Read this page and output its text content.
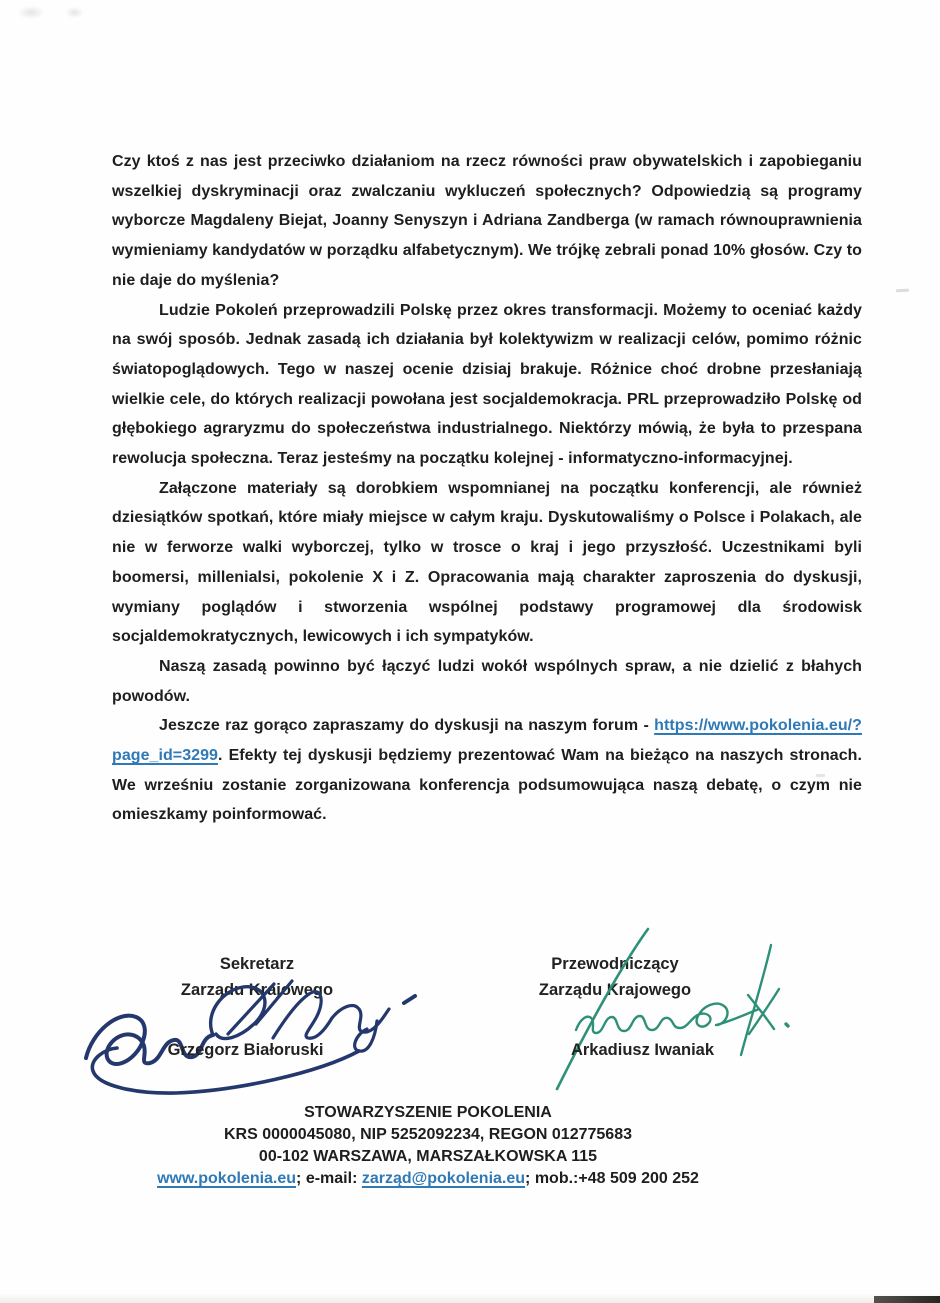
Czy ktoś z nas jest przeciwko działaniom na rzecz równości praw obywatelskich i zapobieganiu wszelkiej dyskryminacji oraz zwalczaniu wykluczeń społecznych? Odpowiedzią są programy wyborcze Magdaleny Biejat, Joanny Senyszyn i Adriana Zandberga (w ramach równouprawnienia wymieniamy kandydatów w porządku alfabetycznym). We trójkę zebrali ponad 10% głosów. Czy to nie daje do myślenia?

Ludzie Pokoleń przeprowadzili Polskę przez okres transformacji. Możemy to oceniać każdy na swój sposób. Jednak zasadą ich działania był kolektywizm w realizacji celów, pomimo różnic światopoglądowych. Tego w naszej ocenie dzisiaj brakuje. Różnice choć drobne przesłaniają wielkie cele, do których realizacji powołana jest socjaldemokracja. PRL przeprowadziło Polskę od głębokiego agraryzmu do społeczeństwa industrialnego. Niektórzy mówią, że była to przespana rewolucja społeczna. Teraz jesteśmy na początku kolejnej - informatyczno-informacyjnej.

Załączone materiały są dorobkiem wspomnianej na początku konferencji, ale również dziesiątków spotkań, które miały miejsce w całym kraju. Dyskutowaliśmy o Polsce i Polakach, ale nie w ferworze walki wyborczej, tylko w trosce o kraj i jego przyszłość. Uczestnikami byli boomersi, millenialsi, pokolenie X i Z. Opracowania mają charakter zaproszenia do dyskusji, wymiany poglądów i stworzenia wspólnej podstawy programowej dla środowisk socjaldemokratycznych, lewicowych i ich sympatyków.

Naszą zasadą powinno być łączyć ludzi wokół wspólnych spraw, a nie dzielić z błahych powodów.

Jeszcze raz gorąco zapraszamy do dyskusji na naszym forum - https://www.pokolenia.eu/?page_id=3299. Efekty tej dyskusji będziemy prezentować Wam na bieżąco na naszych stronach. We wrześniu zostanie zorganizowana konferencja podsumowująca naszą debatę, o czym nie omieszkamy poinformować.

Sekretarz
Zarządu Krajowego
Przewodniczący
Zarządu Krajowego
Grzegorz Białoruski	Arkadiusz Iwaniak
STOWARZYSZENIE POKOLENIA
KRS 0000045080, NIP 5252092234, REGON 012775683
00-102 WARSZAWA, MARSZAŁKOWSKA 115
www.pokolenia.eu; e-mail: zarząd@pokolenia.eu; mob.:+48 509 200 252
